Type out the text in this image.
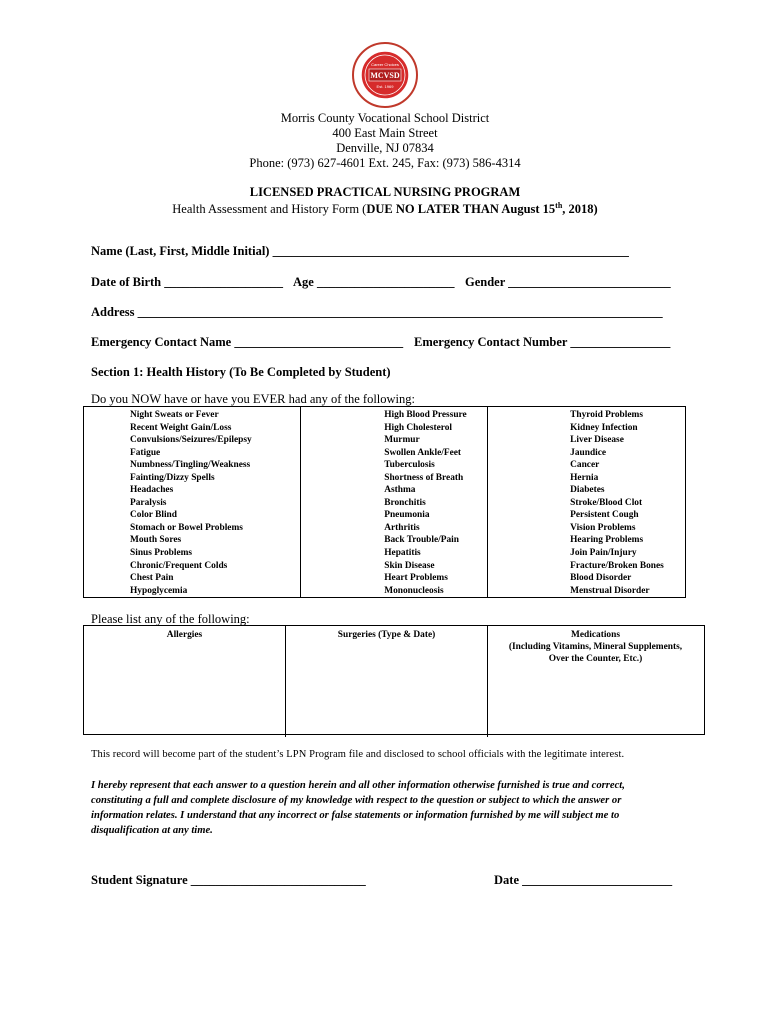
MCVSD
Career Choices
Est. 1969
Morris County Vocational School District
400 East Main Street
Denville, NJ 07834
Phone: (973) 627-4601 Ext. 245, Fax: (973) 586-4314
LICENSED PRACTICAL NURSING PROGRAM
Health Assessment and History Form (DUE NO LATER THAN August 15th, 2018)
Name (Last, First, Middle Initial) _________________________________________________________
Date of Birth ___________________ Age ______________________ Gender __________________________
Address ____________________________________________________________________________________
Emergency Contact Name ___________________________ Emergency Contact Number ________________
Section 1: Health History (To Be Completed by Student)
Do you NOW have or have you EVER had any of the following:
Night Sweats or Fever
Recent Weight Gain/Loss
Convulsions/Seizures/Epilepsy
Fatigue
Numbness/Tingling/Weakness
Fainting/Dizzy Spells
Headaches
Paralysis
Color Blind
Stomach or Bowel Problems
Mouth Sores
Sinus Problems
Chronic/Frequent Colds
Chest Pain
Hypoglycemia

High Blood Pressure
High Cholesterol
Murmur
Swollen Ankle/Feet
Tuberculosis
Shortness of Breath
Asthma
Bronchitis
Pneumonia
Arthritis
Back Trouble/Pain
Hepatitis
Skin Disease
Heart Problems
Mononucleosis

Thyroid Problems
Kidney Infection
Liver Disease
Jaundice
Cancer
Hernia
Diabetes
Stroke/Blood Clot
Persistent Cough
Vision Problems
Hearing Problems
Join Pain/Injury
Fracture/Broken Bones
Blood Disorder
Menstrual Disorder
Please list any of the following:
Allergies	Surgeries (Type & Date)	Medications
(Including Vitamins, Mineral Supplements,
Over the Counter, Etc.)
This record will become part of the student’s LPN Program file and disclosed to school officials with the legitimate interest.
I hereby represent that each answer to a question herein and all other information otherwise furnished is true and correct,
constituting a full and complete disclosure of my knowledge with respect to the question or subject to which the answer or
information relates. I understand that any incorrect or false statements or information furnished by me will subject me to
disqualification at any time.
Student Signature ____________________________	Date ________________________
